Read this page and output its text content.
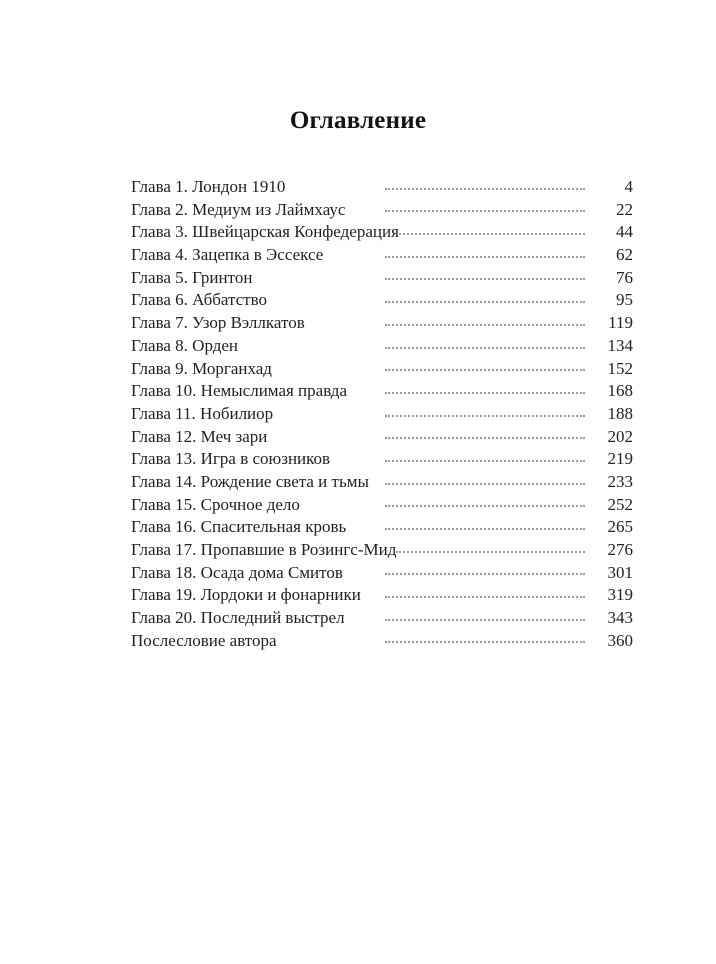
Оглавление
Глава 1. Лондон 1910	4
Глава 2. Медиум из Лаймхаус	22
Глава 3. Швейцарская Конфедерация	44
Глава 4. Зацепка в Эссексе	62
Глава 5. Гринтон	76
Глава 6. Аббатство	95
Глава 7. Узор Вэллкатов	119
Глава 8. Орден	134
Глава 9. Морганхад	152
Глава 10. Немыслимая правда	168
Глава 11. Нобилиор	188
Глава 12. Меч зари	202
Глава 13. Игра в союзников	219
Глава 14. Рождение света и тьмы	233
Глава 15. Срочное дело	252
Глава 16. Спасительная кровь	265
Глава 17. Пропавшие в Розингс-Мид	276
Глава 18. Осада дома Смитов	301
Глава 19. Лордоки и фонарники	319
Глава 20. Последний выстрел	343
Послесловие автора	360
